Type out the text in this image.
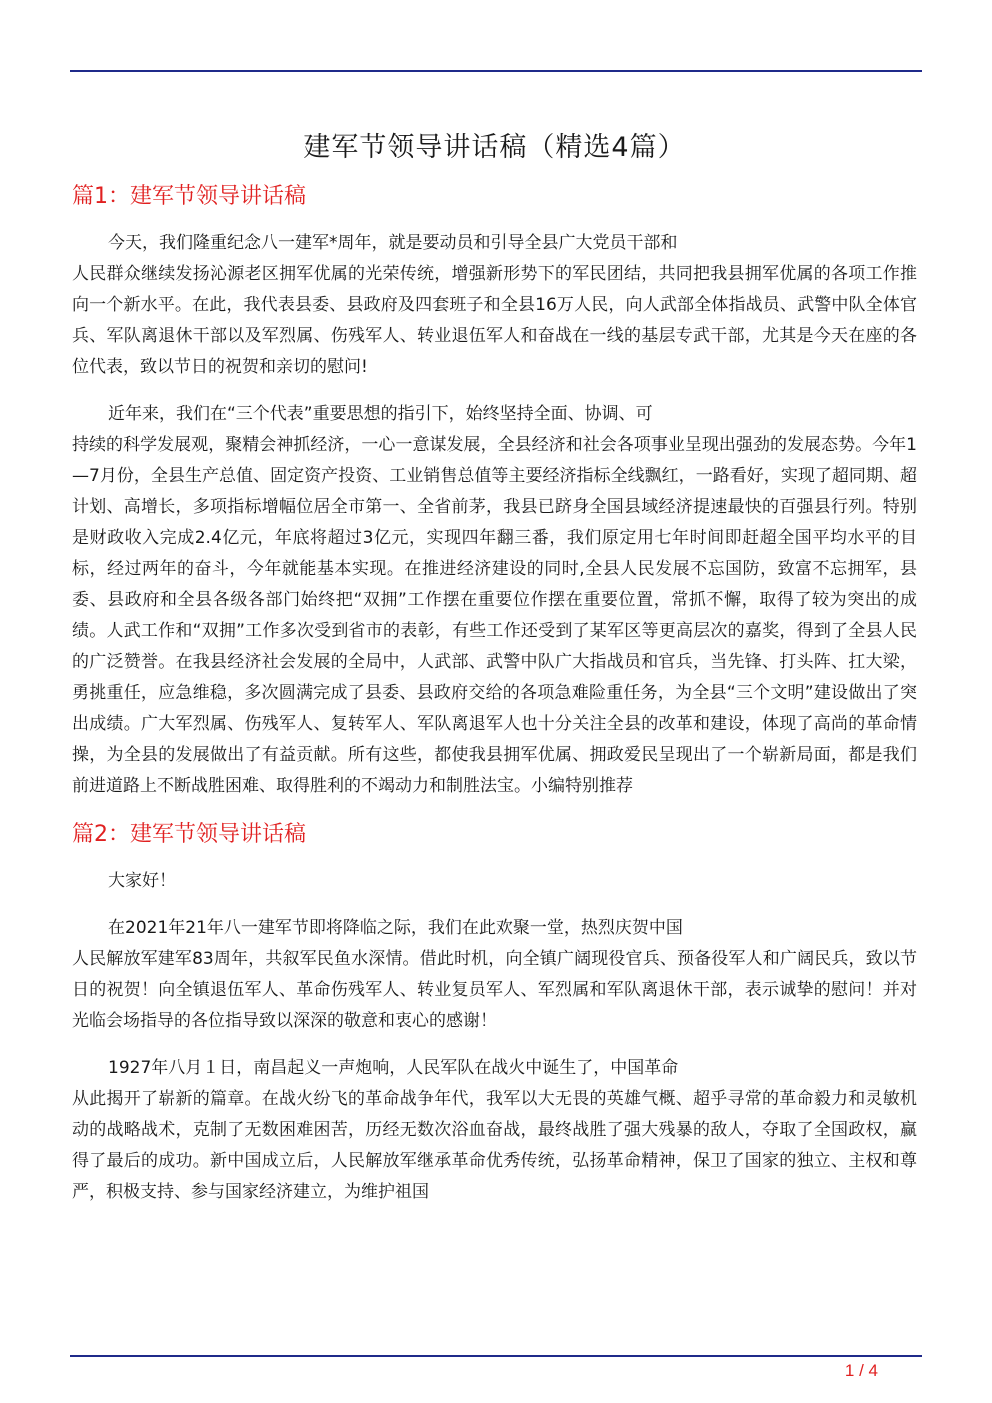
建军节领导讲话稿（精选4篇）
篇1：建军节领导讲话稿

今天，我们隆重纪念八一建军*周年，就是要动员和引导全县广大党员干部和
人民群众继续发扬沁源老区拥军优属的光荣传统，增强新形势下的军民团结，共同把我县拥军优属的各项工作推向一个新水平。在此，我代表县委、县政府及四套班子和全县16万人民，向人武部全体指战员、武警中队全体官兵、军队离退休干部以及军烈属、伤残军人、转业退伍军人和奋战在一线的基层专武干部，尤其是今天在座的各位代表，致以节日的祝贺和亲切的慰问!

近年来，我们在“三个代表”重要思想的指引下，始终坚持全面、协调、可
持续的科学发展观，聚精会神抓经济，一心一意谋发展，全县经济和社会各项事业呈现出强劲的发展态势。今年1—7月份，全县生产总值、固定资产投资、工业销售总值等主要经济指标全线飘红，一路看好，实现了超同期、超计划、高增长，多项指标增幅位居全市第一、全省前茅，我县已跻身全国县域经济提速最快的百强县行列。特别是财政收入完成2.4亿元，年底将超过3亿元，实现四年翻三番，我们原定用七年时间即赶超全国平均水平的目标，经过两年的奋斗，今年就能基本实现。在推进经济建设的同时,全县人民发展不忘国防，致富不忘拥军，县委、县政府和全县各级各部门始终把“双拥”工作摆在重要位作摆在重要位置，常抓不懈，取得了较为突出的成绩。人武工作和“双拥”工作多次受到省市的表彰，有些工作还受到了某军区等更高层次的嘉奖，得到了全县人民的广泛赞誉。在我县经济社会发展的全局中，人武部、武警中队广大指战员和官兵，当先锋、打头阵、扛大梁，勇挑重任，应急维稳，多次圆满完成了县委、县政府交给的各项急难险重任务，为全县“三个文明”建设做出了突出成绩。广大军烈属、伤残军人、复转军人、军队离退军人也十分关注全县的改革和建设，体现了高尚的革命情操，为全县的发展做出了有益贡献。所有这些，都使我县拥军优属、拥政爱民呈现出了一个崭新局面，都是我们前进道路上不断战胜困难、取得胜利的不竭动力和制胜法宝。小编特别推荐

篇2：建军节领导讲话稿

大家好！

在2021年21年八一建军节即将降临之际，我们在此欢聚一堂，热烈庆贺中国
人民解放军建军83周年，共叙军民鱼水深情。借此时机，向全镇广阔现役官兵、预备役军人和广阔民兵，致以节日的祝贺！向全镇退伍军人、革命伤残军人、转业复员军人、军烈属和军队离退休干部，表示诚挚的慰问！并对光临会场指导的各位指导致以深深的敬意和衷心的感谢！

1927年八月１日，南昌起义一声炮响，人民军队在战火中诞生了，中国革命
从此揭开了崭新的篇章。在战火纷飞的革命战争年代，我军以大无畏的英雄气概、超乎寻常的革命毅力和灵敏机动的战略战术，克制了无数困难困苦，历经无数次浴血奋战，最终战胜了强大残暴的敌人，夺取了全国政权，赢得了最后的成功。新中国成立后，人民解放军继承革命优秀传统，弘扬革命精神，保卫了国家的独立、主权和尊严，积极支持、参与国家经济建立，为维护祖国

1 / 4
